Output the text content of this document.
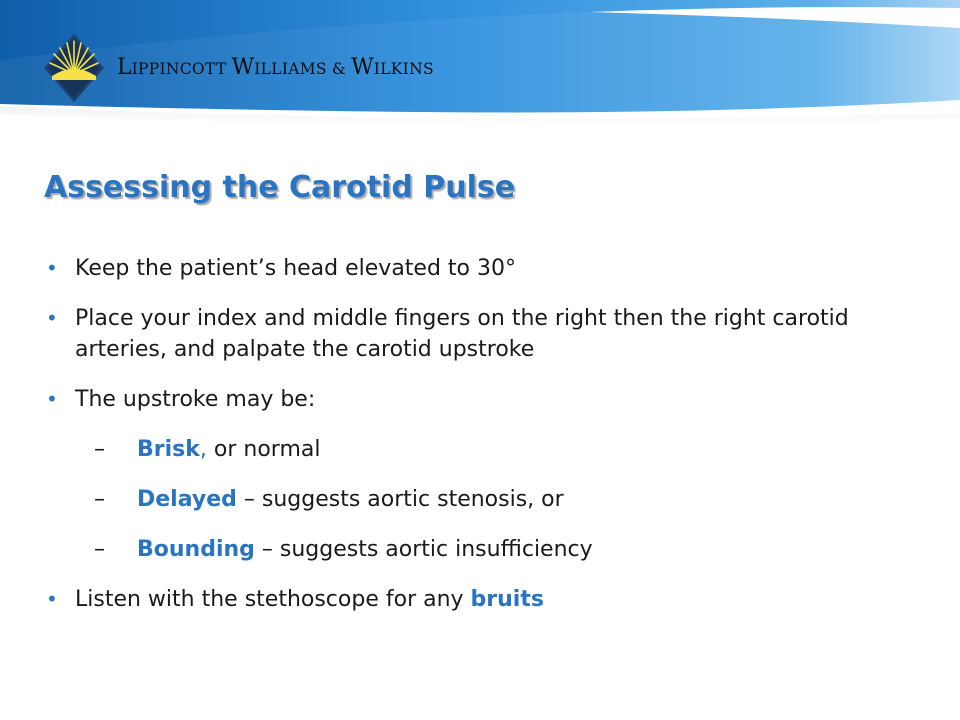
LIPPINCOTT WILLIAMS & WILKINS
Assessing the Carotid Pulse
• Keep the patient’s head elevated to 30°
• Place your index and middle fingers on the right then the right carotid arteries, and palpate the carotid upstroke
• The upstroke may be:
– Brisk, or normal
– Delayed – suggests aortic stenosis, or
– Bounding – suggests aortic insufficiency
• Listen with the stethoscope for any bruits
